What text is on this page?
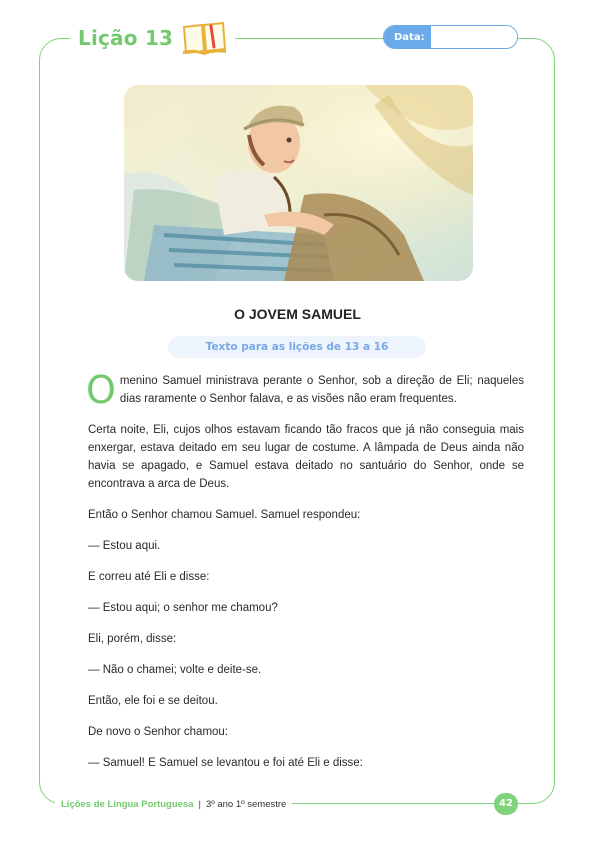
Lição 13	Data:
O JOVEM SAMUEL
Texto para as lições de 13 a 16

Omenino Samuel ministrava perante o Senhor, sob a direção de Eli; naqueles dias raramente o Senhor falava, e as visões não eram frequentes.

Certa noite, Eli, cujos olhos estavam ficando tão fracos que já não conseguia mais enxergar, estava deitado em seu lugar de costume. A lâmpada de Deus ainda não havia se apagado, e Samuel estava deitado no santuário do Senhor, onde se encontrava a arca de Deus.

Então o Senhor chamou Samuel. Samuel respondeu:

— Estou aqui.

E correu até Eli e disse:

— Estou aqui; o senhor me chamou?

Eli, porém, disse:

— Não o chamei; volte e deite-se.

Então, ele foi e se deitou.

De novo o Senhor chamou:

— Samuel! E Samuel se levantou e foi até Eli e disse:

Lições de Língua Portuguesa | 3º ano 1º semestre	42
